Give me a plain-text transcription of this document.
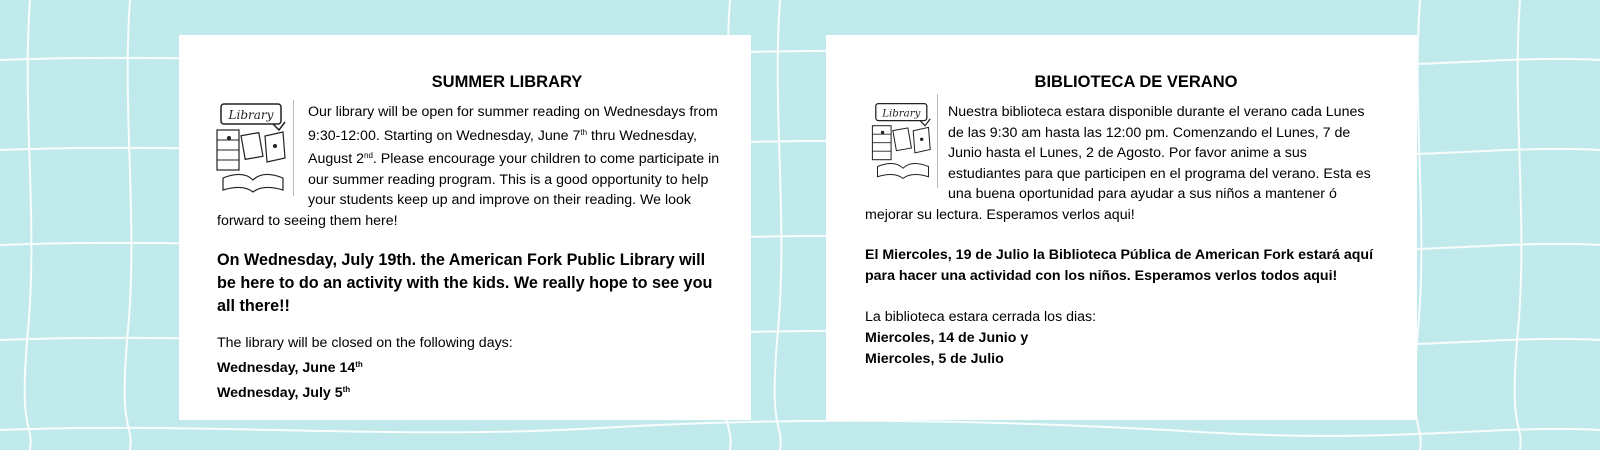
SUMMER LIBRARY
Library	Our library will be open for summer reading on Wednesdays from 9:30-12:00. Starting on Wednesday, June 7th thru Wednesday, August 2nd. Please encourage your children to come participate in our summer reading program. This is a good opportunity to help your students keep up and improve on their reading. We look forward to seeing them here!

On Wednesday, July 19th. the American Fork Public Library will be here to do an activity with the kids. We really hope to see you all there!!

The library will be closed on the following days:

Wednesday, June 14th

Wednesday, July 5th

BIBLIOTECA DE VERANO
Library	Nuestra biblioteca estara disponible durante el verano cada Lunes de las 9:30 am hasta las 12:00 pm. Comenzando el Lunes, 7 de Junio hasta el Lunes, 2 de Agosto. Por favor anime a sus estudiantes para que participen en el programa del verano. Esta es una buena oportunidad para ayudar a sus niños a mantener ó mejorar su lectura. Esperamos verlos aqui!

El Miercoles, 19 de Julio la Biblioteca Pública de American Fork estará aquí para hacer una actividad con los niños. Esperamos verlos todos aqui!

La biblioteca estara cerrada los dias:

Miercoles, 14 de Junio y

Miercoles, 5 de Julio
